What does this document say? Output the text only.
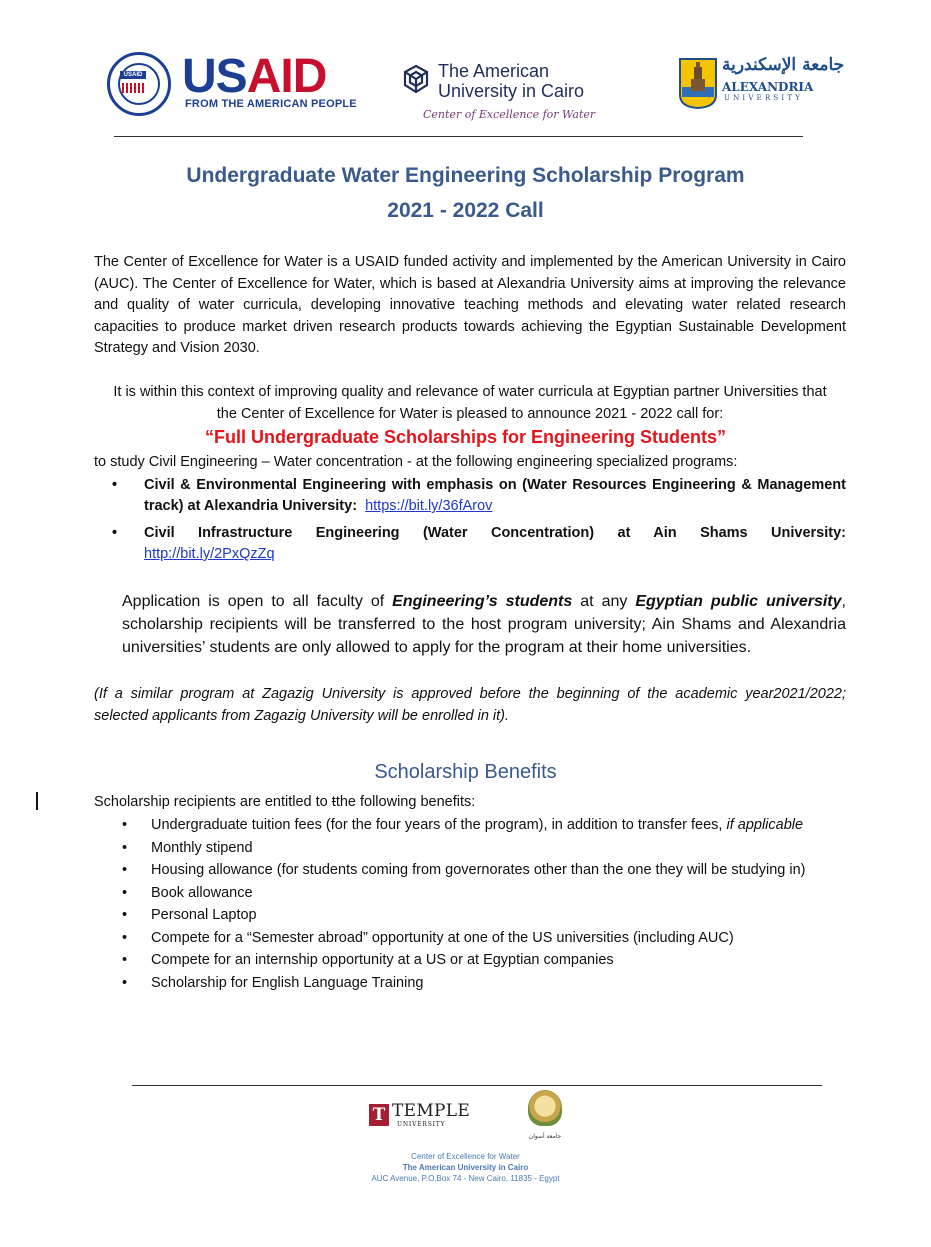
USAID USAID
FROM THE AMERICAN PEOPLE
The American
University in Cairo
Center of Excellence for Water
جامعة الإسكندرية
ALEXANDRIA
UNIVERSITY
Undergraduate Water Engineering Scholarship Program
2021 - 2022 Call
The Center of Excellence for Water is a USAID funded activity and implemented by the American University in Cairo (AUC). The Center of Excellence for Water, which is based at Alexandria University aims at improving the relevance and quality of water curricula, developing innovative teaching methods and elevating water related research capacities to produce market driven research products towards achieving the Egyptian Sustainable Development Strategy and Vision 2030.
It is within this context of improving quality and relevance of water curricula at Egyptian partner Universities that the Center of Excellence for Water is pleased to announce 2021 - 2022 call for:
“Full Undergraduate Scholarships for Engineering Students”
to study Civil Engineering – Water concentration - at the following engineering specialized programs:
• Civil & Environmental Engineering with emphasis on (Water Resources Engineering & Management track) at Alexandria University: https://bit.ly/36fArov
• Civil Infrastructure Engineering (Water Concentration) at Ain Shams University: http://bit.ly/2PxQzZq
Application is open to all faculty of Engineering’s students at any Egyptian public university, scholarship recipients will be transferred to the host program university; Ain Shams and Alexandria universities’ students are only allowed to apply for the program at their home universities.
(If a similar program at Zagazig University is approved before the beginning of the academic year2021/2022; selected applicants from Zagazig University will be enrolled in it).
Scholarship Benefits
Scholarship recipients are entitled to tthe following benefits:
• Undergraduate tuition fees (for the four years of the program), in addition to transfer fees, if applicable
• Monthly stipend
• Housing allowance (for students coming from governorates other than the one they will be studying in)
• Book allowance
• Personal Laptop
• Compete for a “Semester abroad” opportunity at one of the US universities (including AUC)
• Compete for an internship opportunity at a US or at Egyptian companies
• Scholarship for English Language Training
T TEMPLE
UNIVERSITY
جامعة أسوان
Center of Excellence for Water
The American University in Cairo
AUC Avenue, P.O.Box 74 - New Cairo, 11835 - Egypt
